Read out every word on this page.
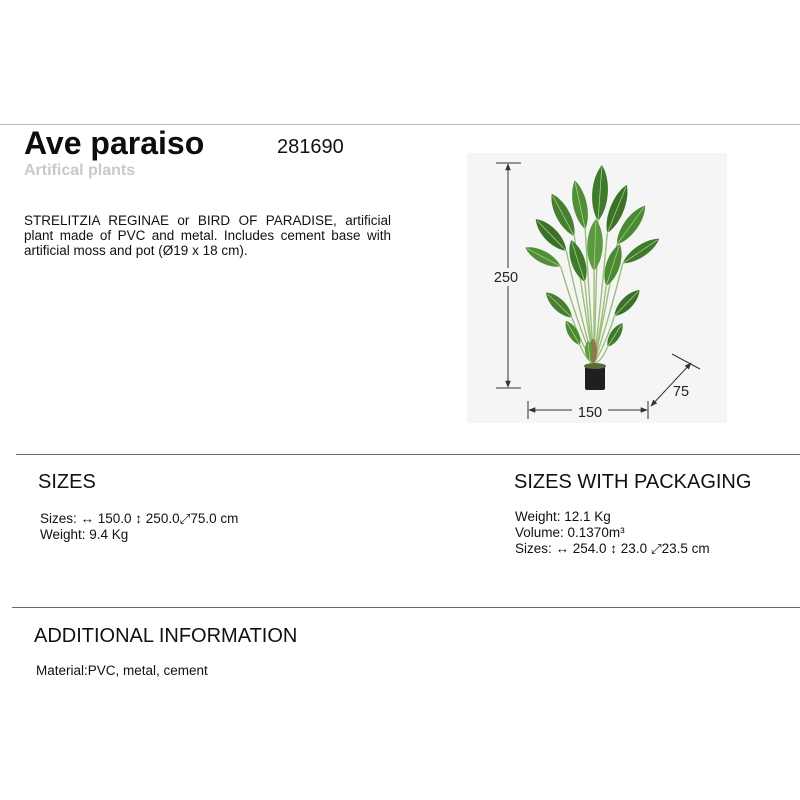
Ave paraiso	281690
Artifical plants
STRELITZIA REGINAE or BIRD OF PARADISE, artificial plant made of PVC and metal. Includes cement base with artificial moss and pot (Ø19 x 18 cm).
250
150
75
SIZES
Sizes: ↔ 150.0 ↕ 250.0⤢75.0 cm
Weight: 9.4 Kg
SIZES WITH PACKAGING
Weight: 12.1 Kg
Volume: 0.1370m³
Sizes: ↔ 254.0 ↕ 23.0 ⤢23.5 cm
ADDITIONAL INFORMATION
Material:PVC, metal, cement
